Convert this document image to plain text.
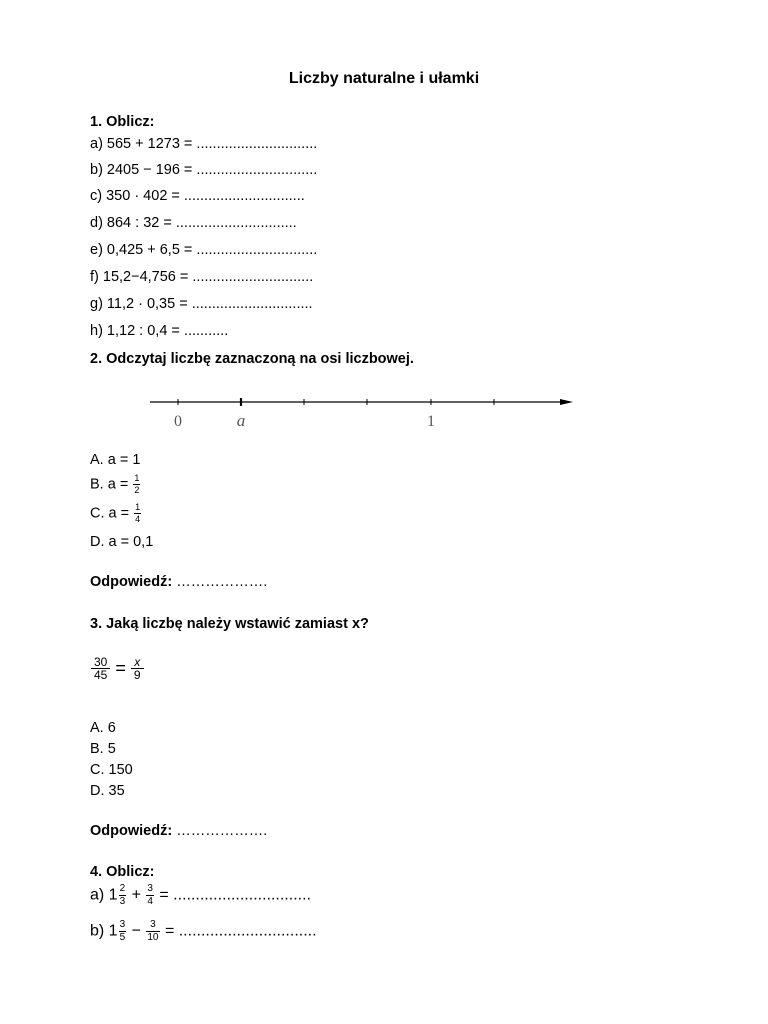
Liczby naturalne i ułamki
1. Oblicz:
a) 565 + 1273 = ..............................
b) 2405 − 196 = ..............................
c) 350 · 402 = ..............................
d) 864 : 32 = ..............................
e) 0,425 + 6,5 = ..............................
f) 15,2−4,756 = ..............................
g) 11,2 · 0,35 = ..............................
h) 1,12 : 0,4 = ...........
2. Odczytaj liczbę zaznaczoną na osi liczbowej.
0	a	1
A. a = 1
B. $a = \frac{1}{2}$
C. $a = \frac{1}{4}$
D. a = 0,1
Odpowiedź: ……………….
3. Jaką liczbę należy wstawić zamiast x?
$\frac{30}{45} = \frac{x}{9}$
A. 6
B. 5
C. 150
D. 35
Odpowiedź: ……………….
4. Oblicz:
a) $1 \frac{2}{3} + \frac{3}{4}$ = ...............................
b) $1 \frac{3}{5} - \frac{3}{10}$ = ...............................
